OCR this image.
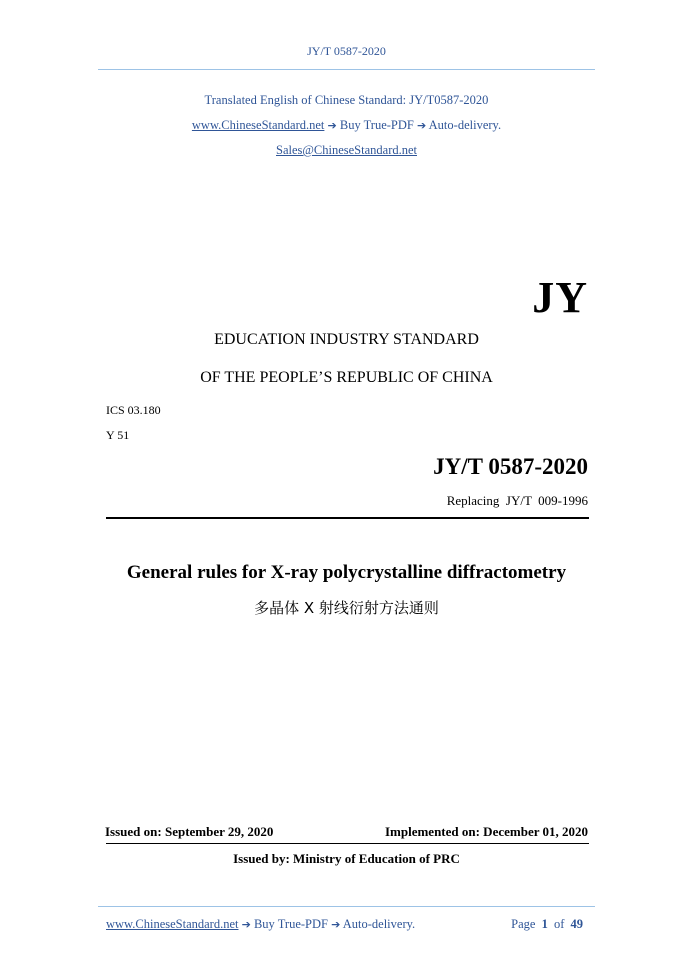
JY/T 0587-2020
Translated English of Chinese Standard: JY/T0587-2020
www.ChineseStandard.net ➔ Buy True-PDF ➔ Auto-delivery.
Sales@ChineseStandard.net
JY
EDUCATION INDUSTRY STANDARD
OF THE PEOPLE’S REPUBLIC OF CHINA
ICS 03.180
Y 51
JY/T 0587-2020
Replacing  JY/T  009-1996
General rules for X-ray polycrystalline diffractometry
多晶体 X 射线衍射方法通则
Issued on: September 29, 2020	Implemented on: December 01, 2020
Issued by: Ministry of Education of PRC
www.ChineseStandard.net ➔ Buy True-PDF ➔ Auto-delivery.	Page 1 of 49
